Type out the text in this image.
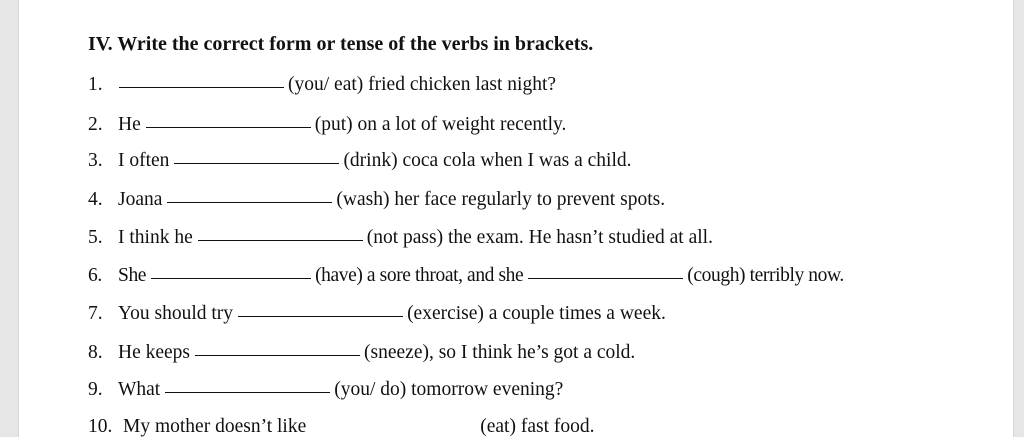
IV. Write the correct form or tense of the verbs in brackets.
1.	(you/ eat) fried chicken last night?
2. He	(put) on a lot of weight recently.
3. I often	(drink) coca cola when I was a child.
4. Joana	(wash) her face regularly to prevent spots.
5. I think he	(not pass) the exam. He hasn’t studied at all.
6. She	(have) a sore throat, and she	(cough) terribly now.
7. You should try	(exercise) a couple times a week.
8. He keeps	(sneeze), so I think he’s got a cold.
9. What	(you/ do) tomorrow evening?
10. My mother doesn’t like	(eat) fast food.
